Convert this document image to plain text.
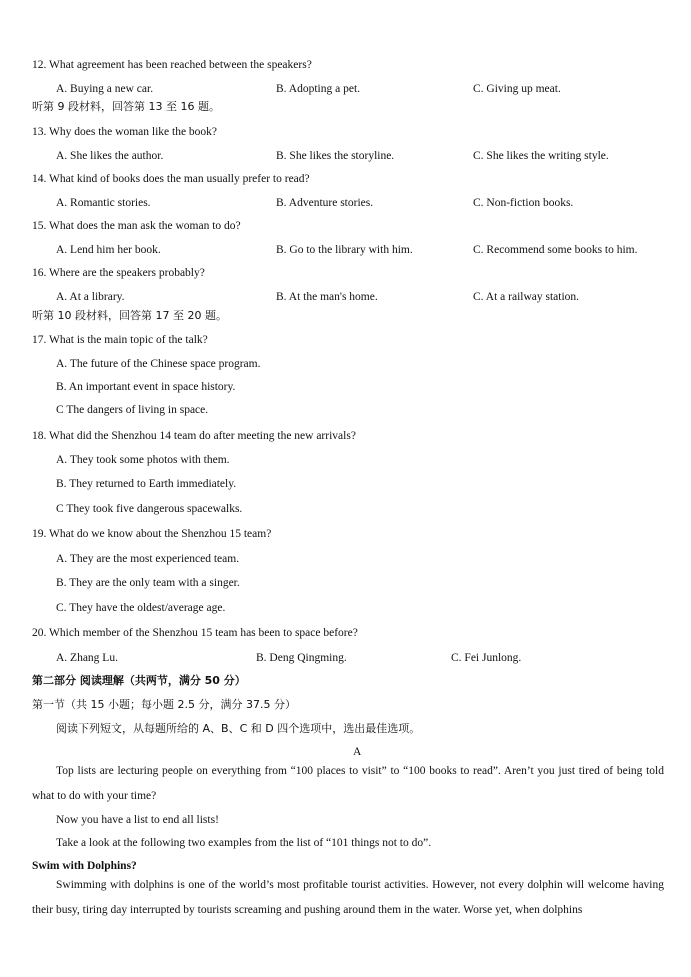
12. What agreement has been reached between the speakers?
A. Buying a new car.	B. Adopting a pet.	C. Giving up meat.
听第 9 段材料，回答第 13 至 16 题。
13. Why does the woman like the book?
A. She likes the author.	B. She likes the storyline.	C. She likes the writing style.
14. What kind of books does the man usually prefer to read?
A. Romantic stories.	B. Adventure stories.	C. Non-fiction books.
15. What does the man ask the woman to do?
A. Lend him her book.	B. Go to the library with him.	C. Recommend some books to him.
16. Where are the speakers probably?
A. At a library.	B. At the man's home.	C. At a railway station.
听第 10 段材料，回答第 17 至 20 题。
17. What is the main topic of the talk?
A. The future of the Chinese space program.
B. An important event in space history.
C The dangers of living in space.
18. What did the Shenzhou 14 team do after meeting the new arrivals?
A. They took some photos with them.
B. They returned to Earth immediately.
C They took five dangerous spacewalks.
19. What do we know about the Shenzhou 15 team?
A. They are the most experienced team.
B. They are the only team with a singer.
C. They have the oldest/average age.
20. Which member of the Shenzhou 15 team has been to space before?
A. Zhang Lu.	B. Deng Qingming.	C. Fei Junlong.
第二部分 阅读理解（共两节，满分 50 分）
第一节（共 15 小题；每小题 2.5 分，满分 37.5 分）
阅读下列短文，从每题所给的 A、B、C 和 D 四个选项中，选出最佳选项。
A
Top lists are lecturing people on everything from “100 places to visit” to “100 books to read”. Aren’t you just tired of being told what to do with your time?
Now you have a list to end all lists!
Take a look at the following two examples from the list of “101 things not to do”.
Swim with Dolphins?
Swimming with dolphins is one of the world’s most profitable tourist activities. However, not every dolphin will welcome having their busy, tiring day interrupted by tourists screaming and pushing around them in the water. Worse yet, when dolphins
